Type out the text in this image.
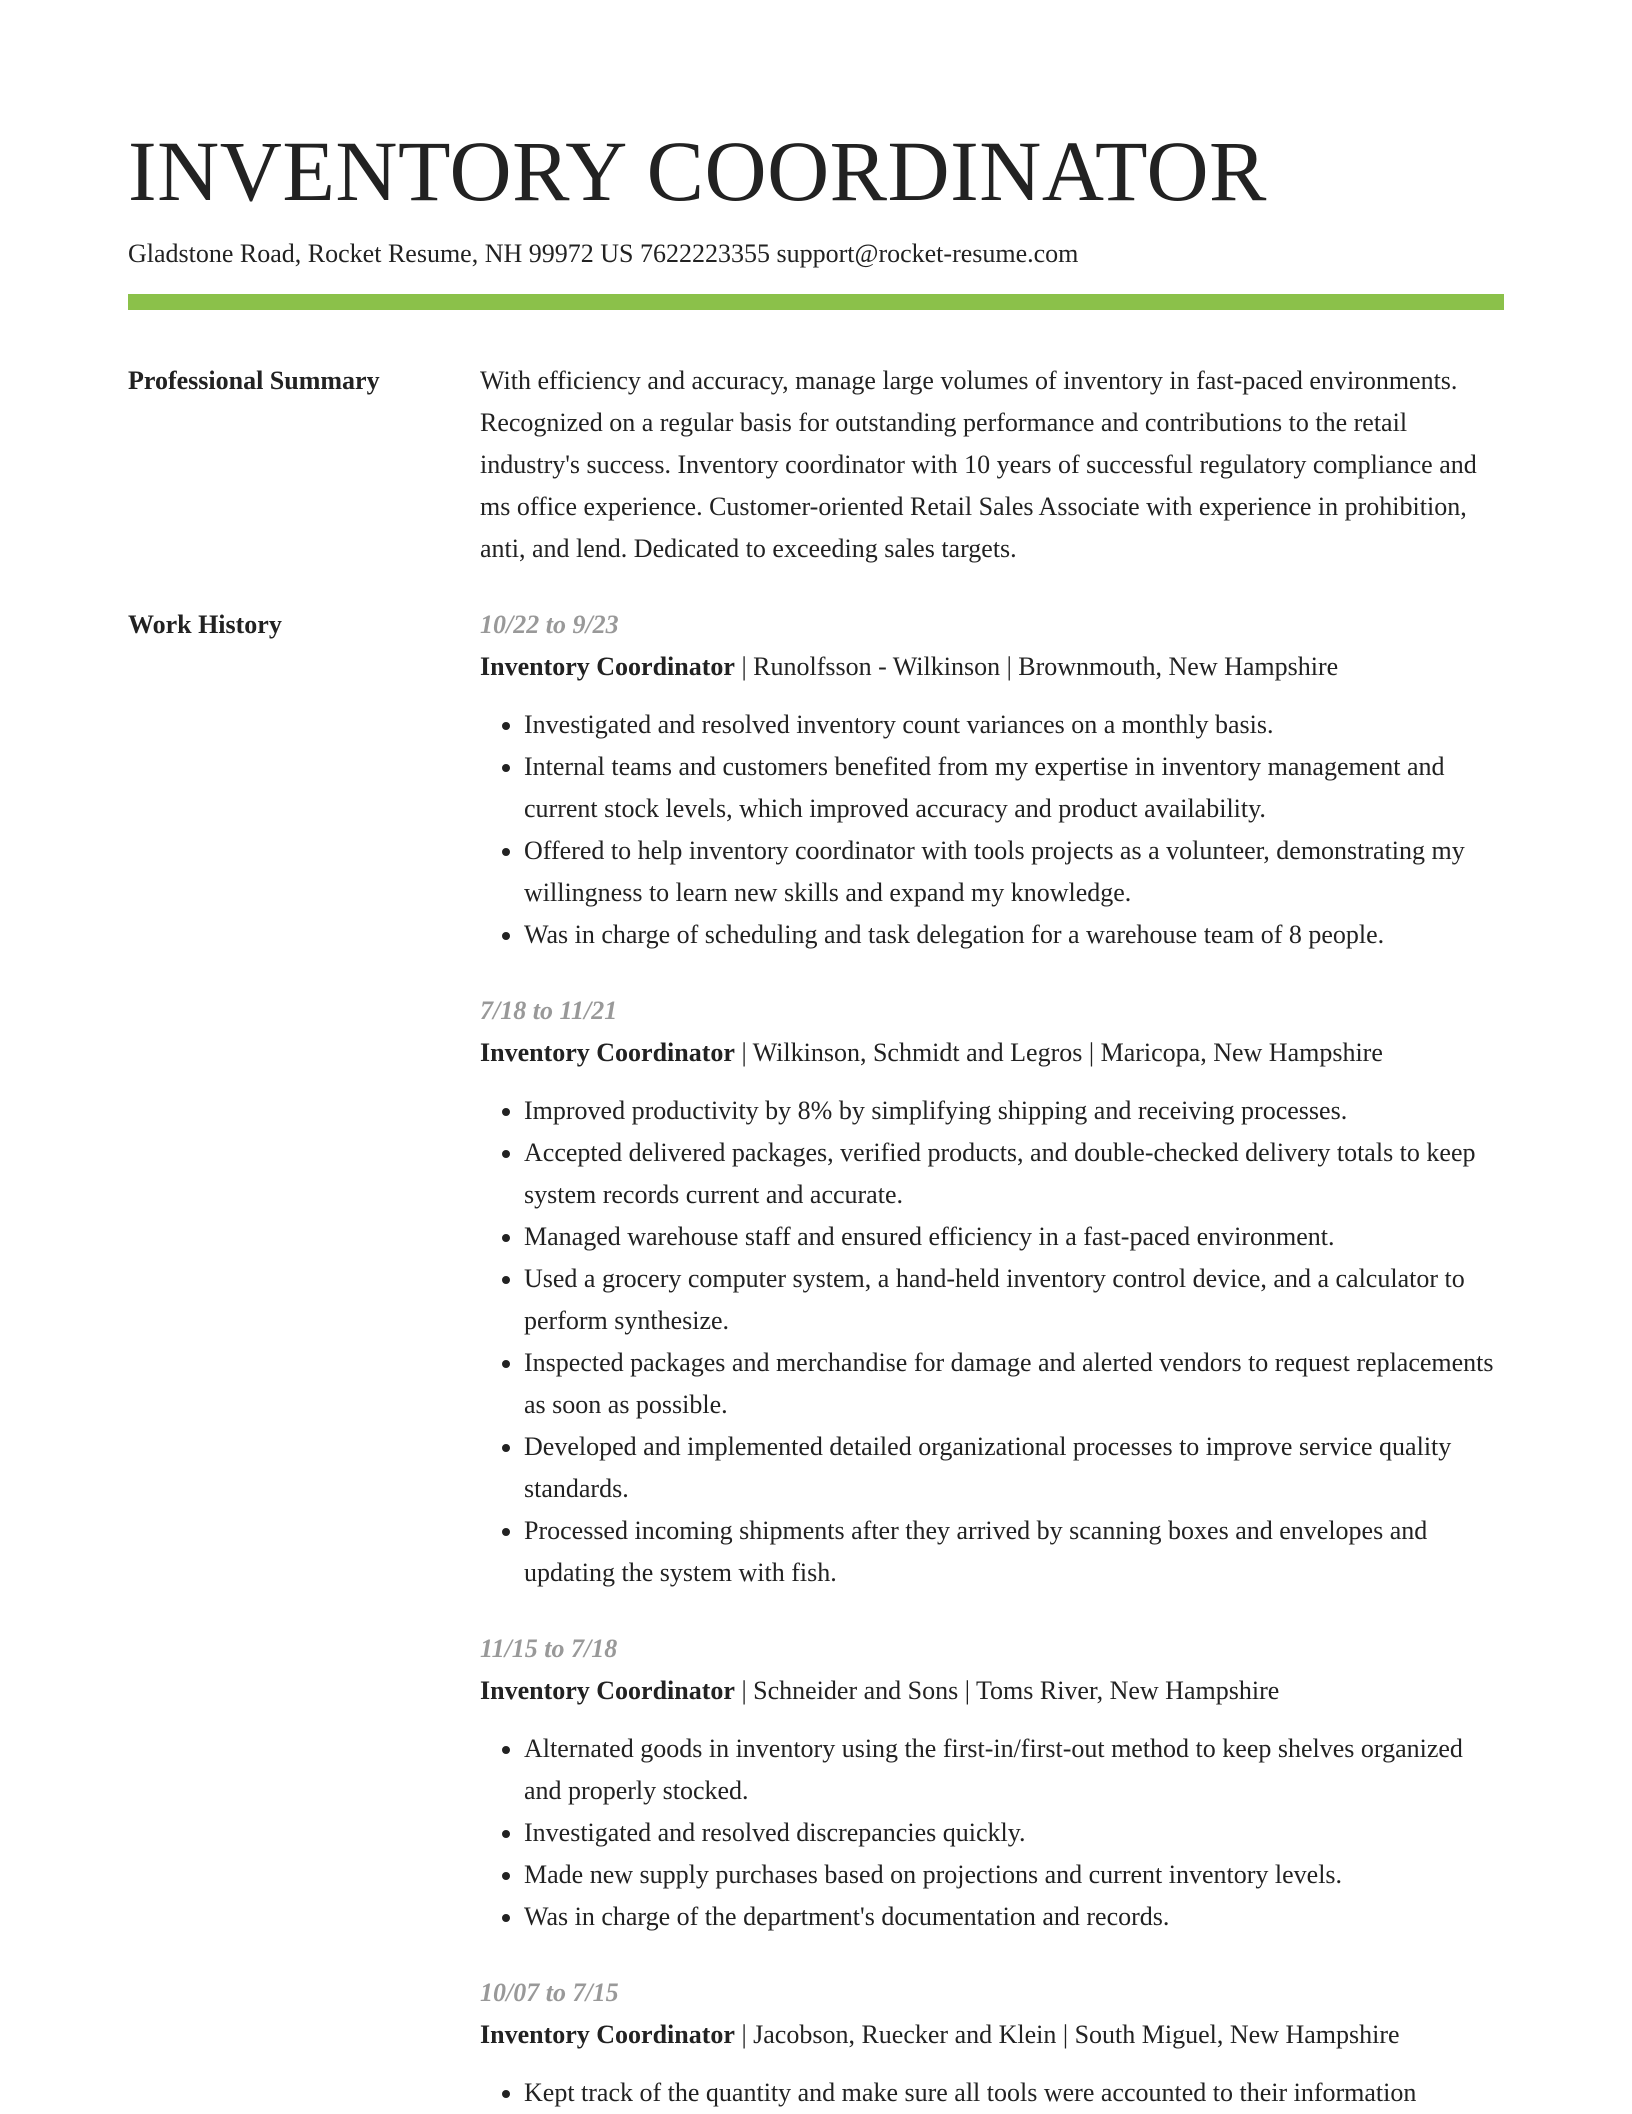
INVENTORY COORDINATOR
Gladstone Road, Rocket Resume, NH 99972 US 7622223355 support@rocket-resume.com
Professional Summary	With efficiency and accuracy, manage large volumes of inventory in fast-paced environments. Recognized on a regular basis for outstanding performance and contributions to the retail industry's success. Inventory coordinator with 10 years of successful regulatory compliance and ms office experience. Customer-oriented Retail Sales Associate with experience in prohibition, anti, and lend. Dedicated to exceeding sales targets.

Work History	10/22 to 9/23
Inventory Coordinator | Runolfsson - Wilkinson | Brownmouth, New Hampshire
• Investigated and resolved inventory count variances on a monthly basis.
• Internal teams and customers benefited from my expertise in inventory management and current stock levels, which improved accuracy and product availability.
• Offered to help inventory coordinator with tools projects as a volunteer, demonstrating my willingness to learn new skills and expand my knowledge.
• Was in charge of scheduling and task delegation for a warehouse team of 8 people.
7/18 to 11/21
Inventory Coordinator | Wilkinson, Schmidt and Legros | Maricopa, New Hampshire
• Improved productivity by 8% by simplifying shipping and receiving processes.
• Accepted delivered packages, verified products, and double-checked delivery totals to keep system records current and accurate.
• Managed warehouse staff and ensured efficiency in a fast-paced environment.
• Used a grocery computer system, a hand-held inventory control device, and a calculator to perform synthesize.
• Inspected packages and merchandise for damage and alerted vendors to request replacements as soon as possible.
• Developed and implemented detailed organizational processes to improve service quality standards.
• Processed incoming shipments after they arrived by scanning boxes and envelopes and updating the system with fish.
11/15 to 7/18
Inventory Coordinator | Schneider and Sons | Toms River, New Hampshire
• Alternated goods in inventory using the first-in/first-out method to keep shelves organized and properly stocked.
• Investigated and resolved discrepancies quickly.
• Made new supply purchases based on projections and current inventory levels.
• Was in charge of the department's documentation and records.
10/07 to 7/15
Inventory Coordinator | Jacobson, Ruecker and Klein | South Miguel, New Hampshire
• Kept track of the quantity and make sure all tools were accounted to their information
